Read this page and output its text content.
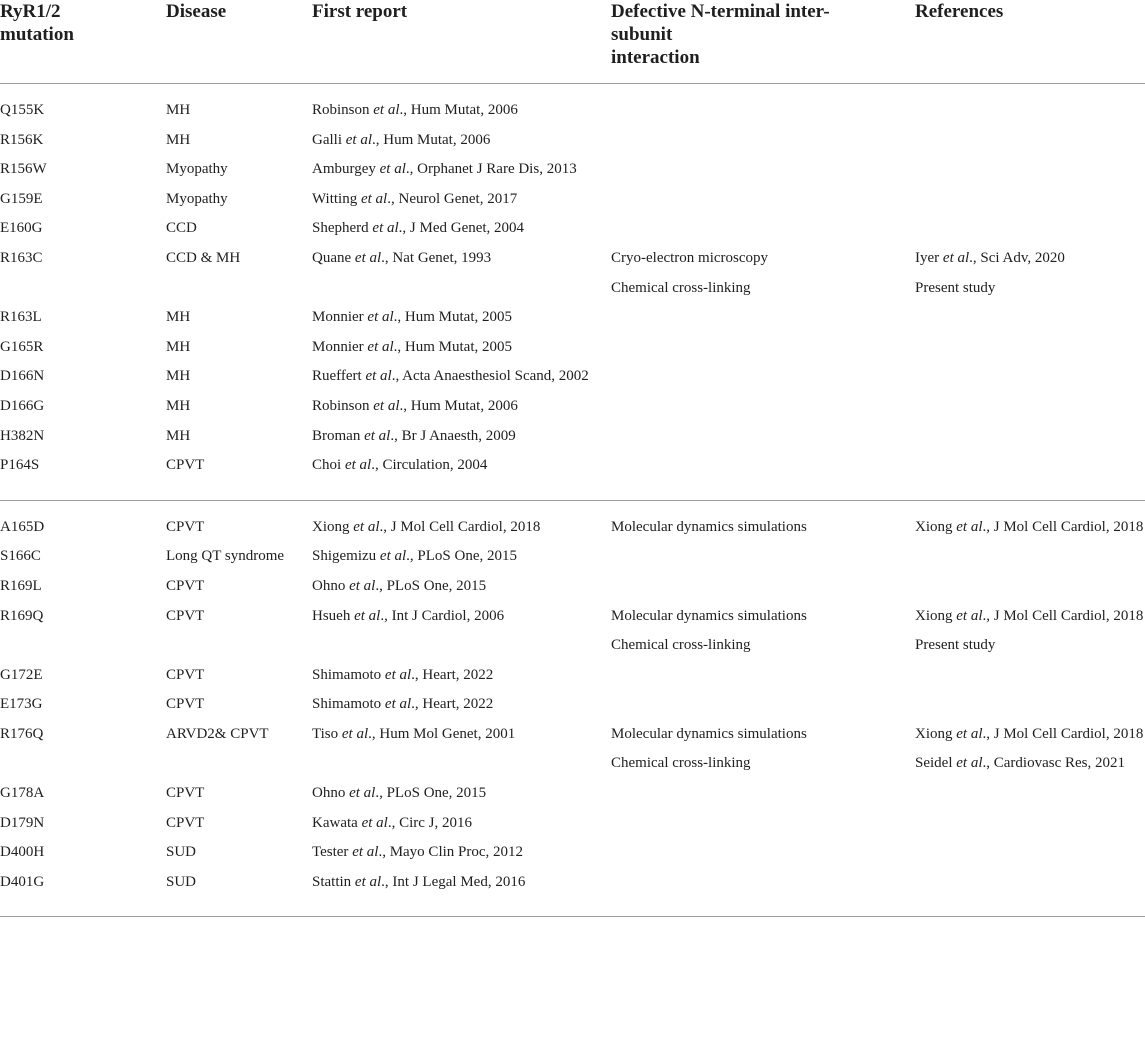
RyR1/2
mutation	Disease	First report	Defective N-terminal inter-
subunit
interaction	References
Q155K	MH	Robinson et al., Hum Mutat, 2006		
R156K	MH	Galli et al., Hum Mutat, 2006		
R156W	Myopathy	Amburgey et al., Orphanet J Rare Dis, 2013		
G159E	Myopathy	Witting et al., Neurol Genet, 2017		
E160G	CCD	Shepherd et al., J Med Genet, 2004		
R163C	CCD & MH	Quane et al., Nat Genet, 1993	Cryo-electron microscopy	Iyer et al., Sci Adv, 2020
			Chemical cross-linking	Present study
R163L	MH	Monnier et al., Hum Mutat, 2005		
G165R	MH	Monnier et al., Hum Mutat, 2005		
D166N	MH	Rueffert et al., Acta Anaesthesiol Scand, 2002		
D166G	MH	Robinson et al., Hum Mutat, 2006		
H382N	MH	Broman et al., Br J Anaesth, 2009		
P164S	CPVT	Choi et al., Circulation, 2004		
A165D	CPVT	Xiong et al., J Mol Cell Cardiol, 2018	Molecular dynamics simulations	Xiong et al., J Mol Cell Cardiol, 2018
S166C	Long QT syndrome	Shigemizu et al., PLoS One, 2015		
R169L	CPVT	Ohno et al., PLoS One, 2015		
R169Q	CPVT	Hsueh et al., Int J Cardiol, 2006	Molecular dynamics simulations	Xiong et al., J Mol Cell Cardiol, 2018
			Chemical cross-linking	Present study
G172E	CPVT	Shimamoto et al., Heart, 2022		
E173G	CPVT	Shimamoto et al., Heart, 2022		
R176Q	ARVD2& CPVT	Tiso et al., Hum Mol Genet, 2001	Molecular dynamics simulations	Xiong et al., J Mol Cell Cardiol, 2018
			Chemical cross-linking	Seidel et al., Cardiovasc Res, 2021
G178A	CPVT	Ohno et al., PLoS One, 2015		
D179N	CPVT	Kawata et al., Circ J, 2016		
D400H	SUD	Tester et al., Mayo Clin Proc, 2012		
D401G	SUD	Stattin et al., Int J Legal Med, 2016		
